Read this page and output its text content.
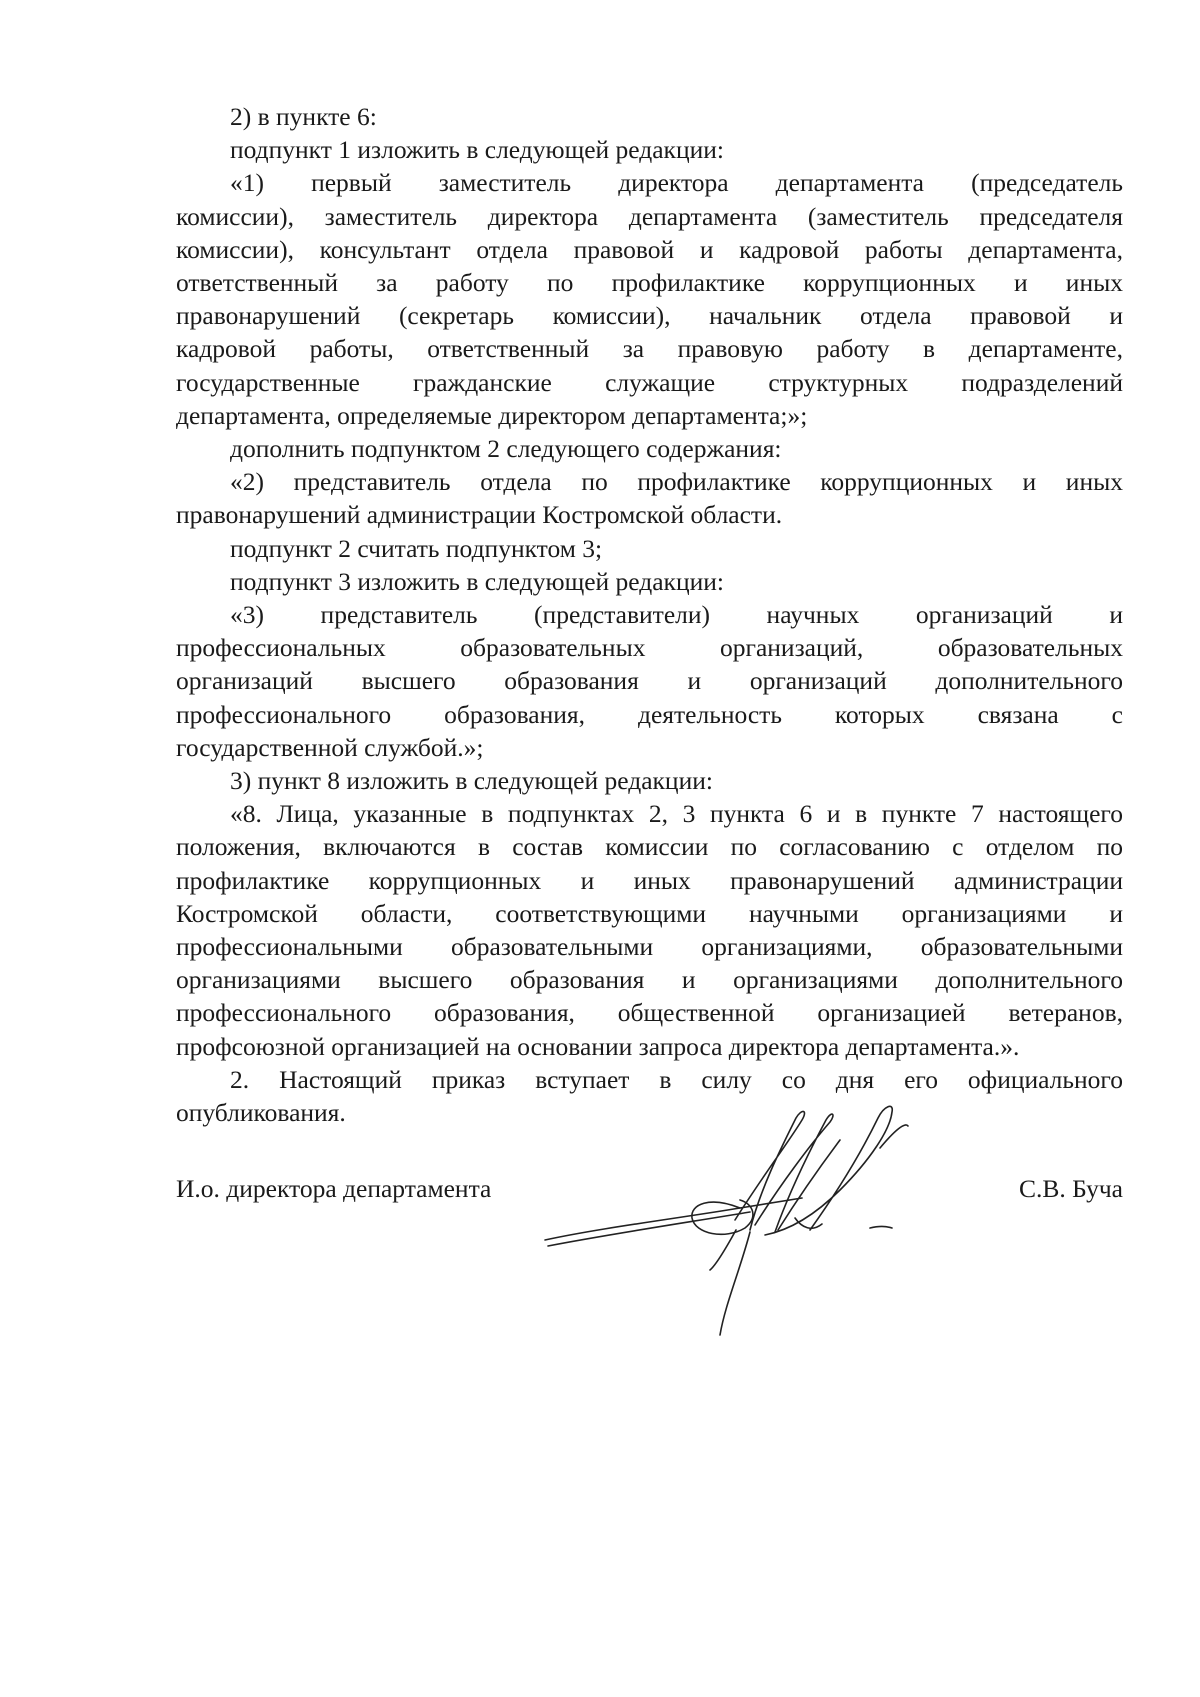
2) в пункте 6:

подпункт 1 изложить в следующей редакции:

«1) первый заместитель директора департамента (председатель
комиссии), заместитель директора департамента (заместитель председателя
комиссии), консультант отдела правовой и кадровой работы департамента,
ответственный за работу по профилактике коррупционных и иных
правонарушений (секретарь комиссии), начальник отдела правовой и
кадровой работы, ответственный за правовую работу в департаменте,
государственные гражданские служащие структурных подразделений
департамента, определяемые директором департамента;»;

дополнить подпунктом 2 следующего содержания:

«2) представитель отдела по профилактике коррупционных и иных
правонарушений администрации Костромской области.

подпункт 2 считать подпунктом 3;

подпункт 3 изложить в следующей редакции:

«3) представитель (представители) научных организаций и
профессиональных образовательных организаций, образовательных
организаций высшего образования и организаций дополнительного
профессионального образования, деятельность которых связана с
государственной службой.»;

3) пункт 8 изложить в следующей редакции:

«8. Лица, указанные в подпунктах 2, 3 пункта 6 и в пункте 7 настоящего
положения, включаются в состав комиссии по согласованию с отделом по
профилактике коррупционных и иных правонарушений администрации
Костромской области, соответствующими научными организациями и
профессиональными образовательными организациями, образовательными
организациями высшего образования и организациями дополнительного
профессионального образования, общественной организацией ветеранов,
профсоюзной организацией на основании запроса директора департамента.».

2. Настоящий приказ вступает в силу со дня его официального
опубликования.

И.о. директора департамента	С.В. Буча
